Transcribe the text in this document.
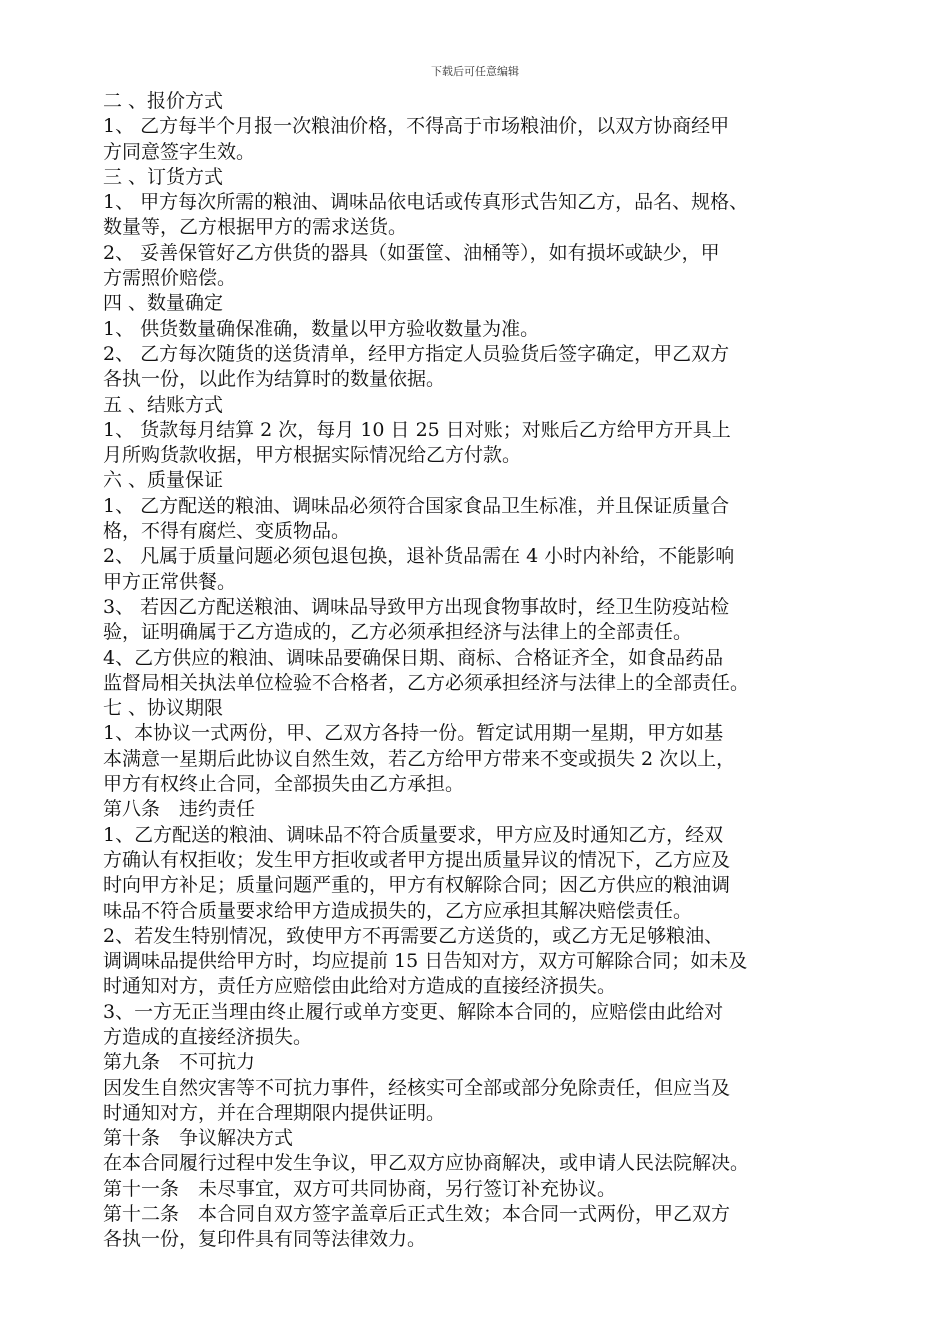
下载后可任意编辑
二 、报价方式
1、 乙方每半个月报一次粮油价格，不得高于市场粮油价，以双方协商经甲
方同意签字生效。
三 、订货方式
1、 甲方每次所需的粮油、调味品依电话或传真形式告知乙方，品名、规格、
数量等，乙方根据甲方的需求送货。
2、 妥善保管好乙方供货的器具（如蛋筐、油桶等），如有损坏或缺少，甲
方需照价赔偿。
四 、数量确定
1、 供货数量确保准确，数量以甲方验收数量为准。
2、 乙方每次随货的送货清单，经甲方指定人员验货后签字确定，甲乙双方
各执一份，以此作为结算时的数量依据。
五 、结账方式
1、 货款每月结算 2 次，每月 10 日 25 日对账；对账后乙方给甲方开具上
月所购货款收据，甲方根据实际情况给乙方付款。
六 、质量保证
1、 乙方配送的粮油、调味品必须符合国家食品卫生标准，并且保证质量合
格，不得有腐烂、变质物品。
2、 凡属于质量问题必须包退包换，退补货品需在 4 小时内补给，不能影响
甲方正常供餐。
3、 若因乙方配送粮油、调味品导致甲方出现食物事故时，经卫生防疫站检
验，证明确属于乙方造成的，乙方必须承担经济与法律上的全部责任。
4、乙方供应的粮油、调味品要确保日期、商标、合格证齐全，如食品药品
监督局相关执法单位检验不合格者，乙方必须承担经济与法律上的全部责任。
七 、协议期限
1、本协议一式两份，甲、乙双方各持一份。暂定试用期一星期，甲方如基
本满意一星期后此协议自然生效，若乙方给甲方带来不变或损失 2 次以上，
甲方有权终止合同，全部损失由乙方承担。
第八条　违约责任
1、乙方配送的粮油、调味品不符合质量要求，甲方应及时通知乙方，经双
方确认有权拒收；发生甲方拒收或者甲方提出质量异议的情况下，乙方应及
时向甲方补足；质量问题严重的，甲方有权解除合同；因乙方供应的粮油调
味品不符合质量要求给甲方造成损失的，乙方应承担其解决赔偿责任。
2、若发生特别情况，致使甲方不再需要乙方送货的，或乙方无足够粮油、
调调味品提供给甲方时，均应提前 15 日告知对方，双方可解除合同；如未及
时通知对方，责任方应赔偿由此给对方造成的直接经济损失。
3、一方无正当理由终止履行或单方变更、解除本合同的，应赔偿由此给对
方造成的直接经济损失。
第九条　不可抗力
因发生自然灾害等不可抗力事件，经核实可全部或部分免除责任，但应当及
时通知对方，并在合理期限内提供证明。
第十条　争议解决方式
在本合同履行过程中发生争议，甲乙双方应协商解决，或申请人民法院解决。
第十一条　未尽事宜，双方可共同协商，另行签订补充协议。
第十二条　本合同自双方签字盖章后正式生效；本合同一式两份，甲乙双方
各执一份，复印件具有同等法律效力。
